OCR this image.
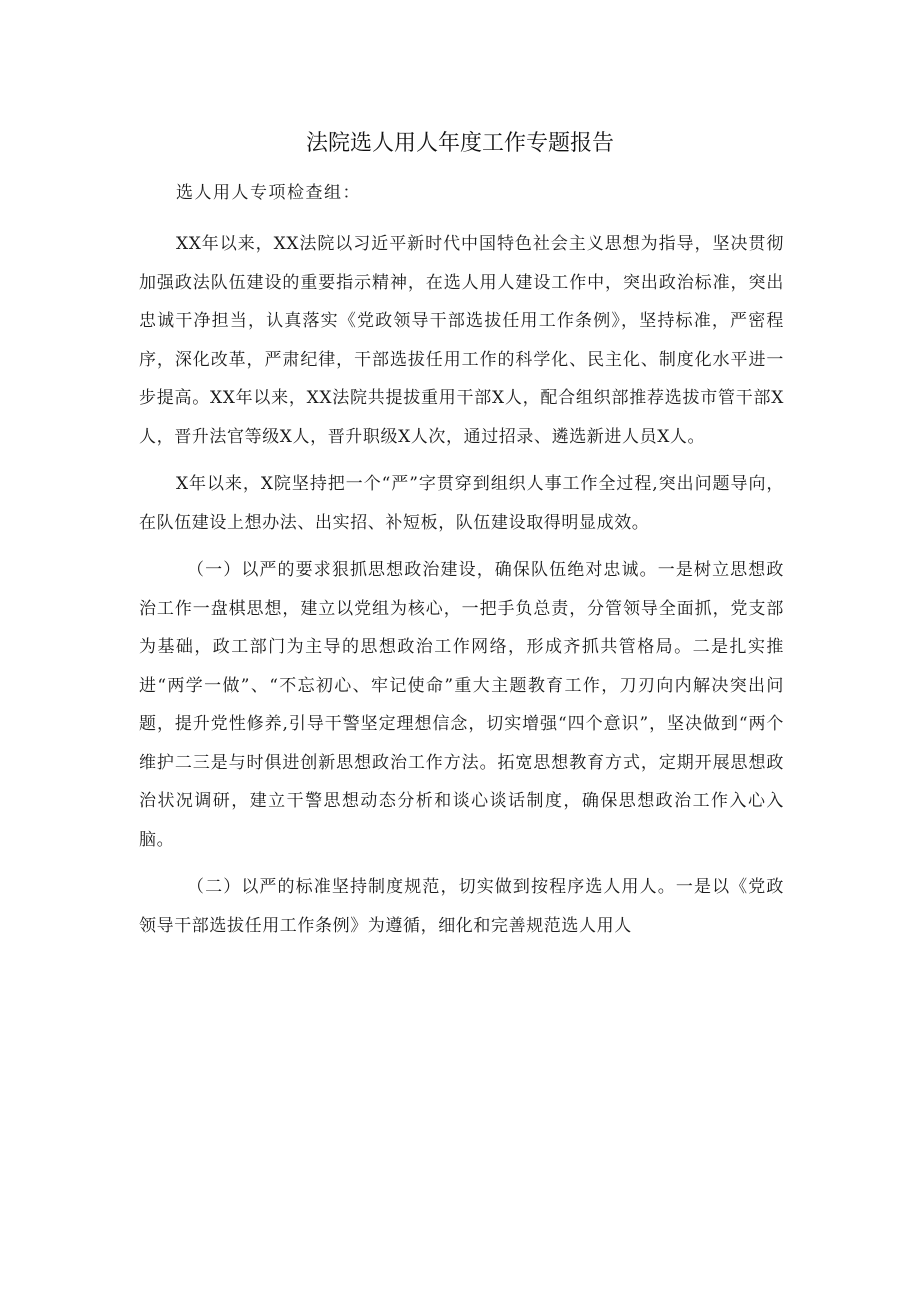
法院选人用人年度工作专题报告

选人用人专项检查组：

XX年以来，XX法院以习近平新时代中国特色社会主义思想为指导，坚决贯彻加强政法队伍建设的重要指示精神，在选人用人建设工作中，突出政治标准，突出忠诚干净担当，认真落实《党政领导干部选拔任用工作条例》，坚持标准，严密程序，深化改革，严肃纪律，干部选拔任用工作的科学化、民主化、制度化水平进一步提高。XX年以来，XX法院共提拔重用干部X人，配合组织部推荐选拔市管干部X人，晋升法官等级X人，晋升职级X人次，通过招录、遴选新进人员X人。

X年以来，X院坚持把一个“严”字贯穿到组织人事工作全过程,突出问题导向，在队伍建设上想办法、出实招、补短板，队伍建设取得明显成效。

（一）以严的要求狠抓思想政治建设，确保队伍绝对忠诚。一是树立思想政治工作一盘棋思想，建立以党组为核心，一把手负总责，分管领导全面抓，党支部为基础，政工部门为主导的思想政治工作网络，形成齐抓共管格局。二是扎实推进“两学一做”、“不忘初心、牢记使命”重大主题教育工作，刀刃向内解决突出问题，提升党性修养,引导干警坚定理想信念，切实增强“四个意识”，坚决做到“两个维护二三是与时俱进创新思想政治工作方法。拓宽思想教育方式，定期开展思想政治状况调研，建立干警思想动态分析和谈心谈话制度，确保思想政治工作入心入脑。

（二）以严的标准坚持制度规范，切实做到按程序选人用人。一是以《党政领导干部选拔任用工作条例》为遵循，细化和完善规范选人用人
